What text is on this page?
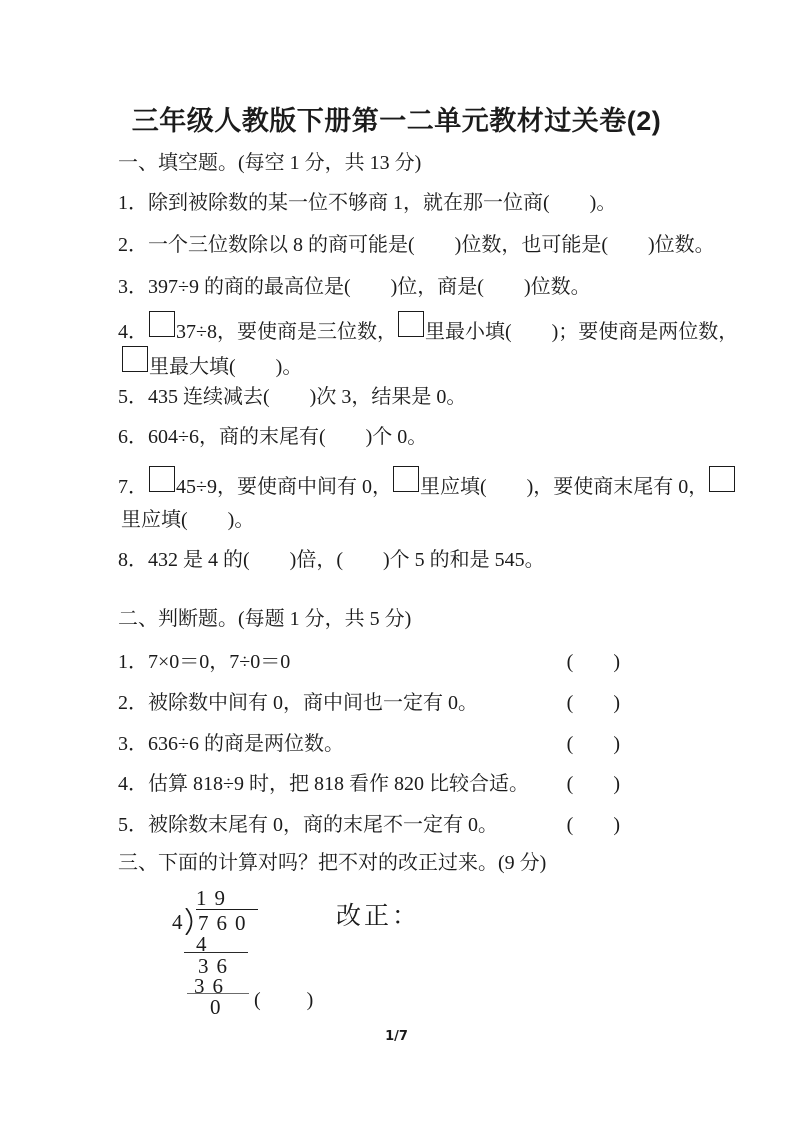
三年级人教版下册第一二单元教材过关卷(2)
一、填空题。(每空 1 分，共 13 分)
1．除到被除数的某一位不够商 1，就在那一位商(　　)。
2．一个三位数除以 8 的商可能是(　　)位数，也可能是(　　)位数。
3．397÷9 的商的最高位是(　　)位，商是(　　)位数。
4． 37÷8，要使商是三位数， 里最小填(　　)；要使商是两位数，
里最大填(　　)。
5．435 连续减去(　　)次 3，结果是 0。
6．604÷6，商的末尾有(　　)个 0。
7． 45÷9，要使商中间有 0， 里应填(　　)，要使商末尾有 0，
里应填(　　)。
8．432 是 4 的(　　)倍，(　　)个 5 的和是 545。
二、判断题。(每题 1 分，共 5 分)
1．7×0＝0，7÷0＝0	(　　)
2．被除数中间有 0，商中间也一定有 0。	(　　)
3．636÷6 的商是两位数。	(　　)
4．估算 818÷9 时，把 818 看作 820 比较合适。 (　　)
5．被除数末尾有 0，商的末尾不一定有 0。	(　　)
三、下面的计算对吗？把不对的改正过来。(9 分)
19
4 760
4
36
36
0 (　　)
改正：
1/7
